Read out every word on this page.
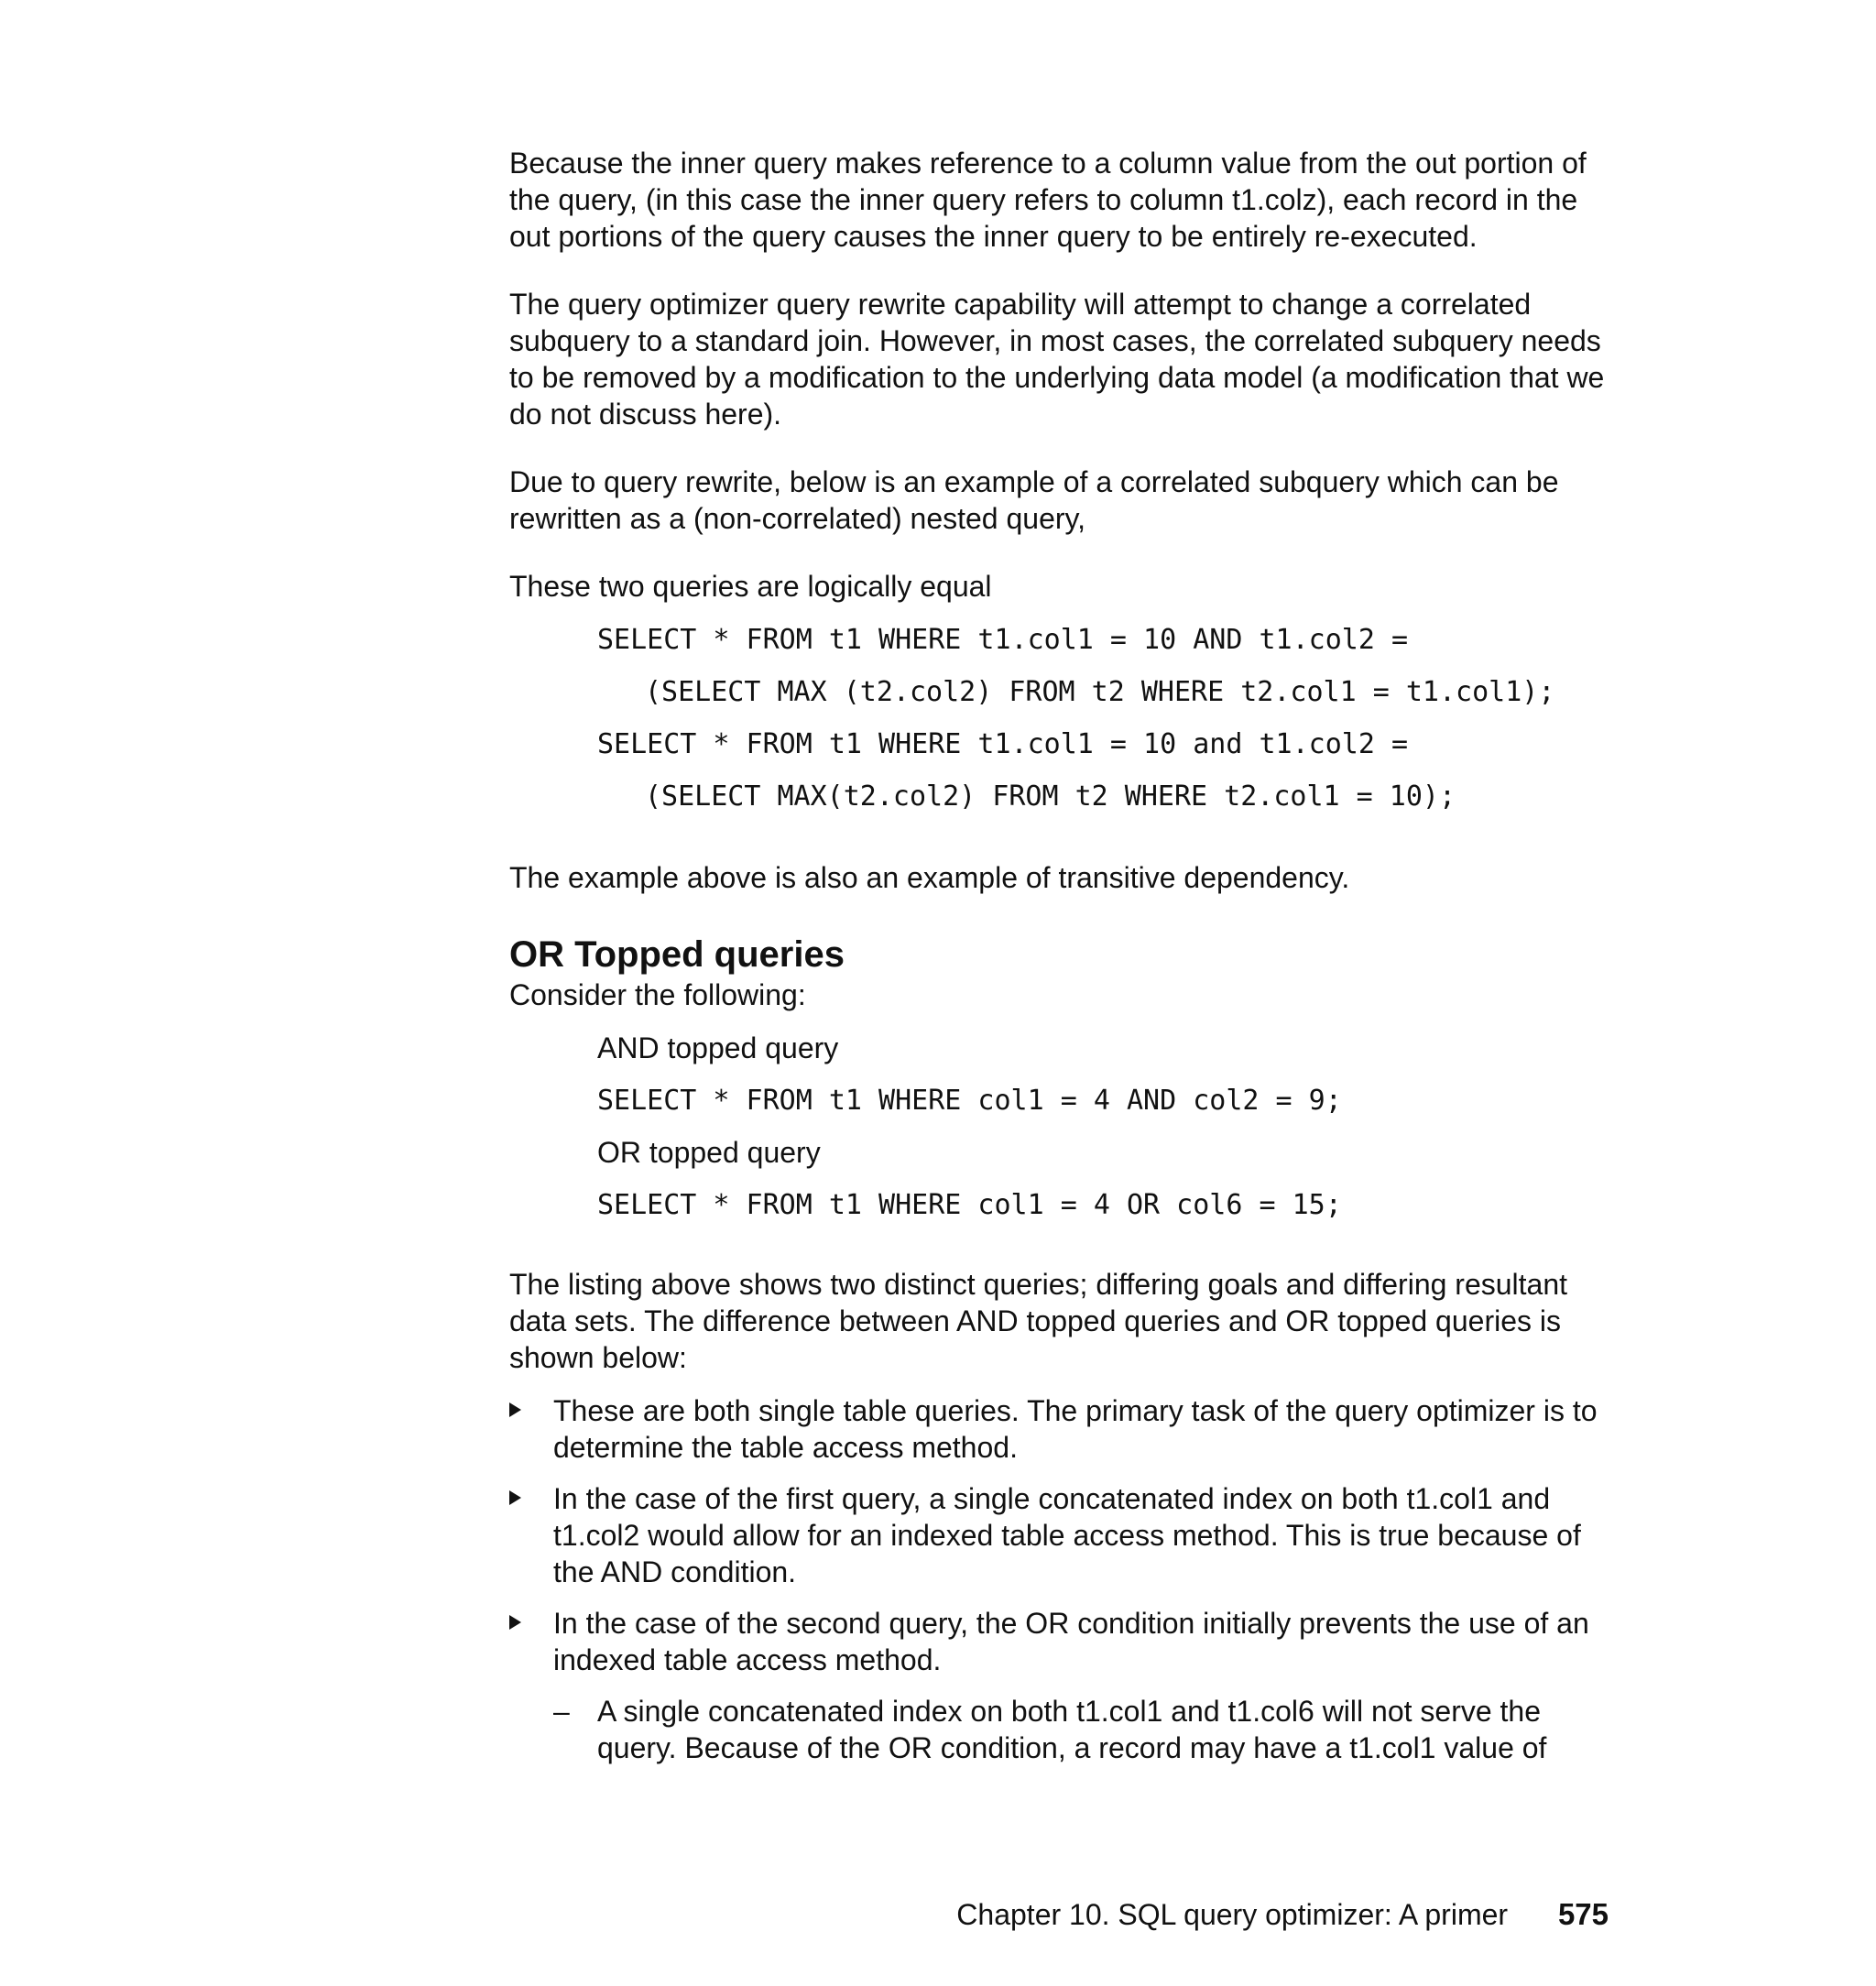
Because the inner query makes reference to a column value from the out portion of the query, (in this case the inner query refers to column t1.colz), each record in the out portions of the query causes the inner query to be entirely re-executed.

The query optimizer query rewrite capability will attempt to change a correlated subquery to a standard join. However, in most cases, the correlated subquery needs to be removed by a modification to the underlying data model (a modification that we do not discuss here).

Due to query rewrite, below is an example of a correlated subquery which can be rewritten as a (non-correlated) nested query,

These two queries are logically equal

SELECT * FROM t1 WHERE t1.col1 = 10 AND t1.col2 =
(SELECT MAX (t2.col2) FROM t2 WHERE t2.col1 = t1.col1);
SELECT * FROM t1 WHERE t1.col1 = 10 and t1.col2 =
(SELECT MAX(t2.col2) FROM t2 WHERE t2.col1 = 10);

The example above is also an example of transitive dependency.

OR Topped queries

Consider the following:

AND topped query
SELECT * FROM t1 WHERE col1 = 4 AND col2 = 9;
OR topped query
SELECT * FROM t1 WHERE col1 = 4 OR col6 = 15;

The listing above shows two distinct queries; differing goals and differing resultant data sets. The difference between AND topped queries and OR topped queries is shown below:

These are both single table queries. The primary task of the query optimizer is to determine the table access method.
In the case of the first query, a single concatenated index on both t1.col1 and t1.col2 would allow for an indexed table access method. This is true because of the AND condition.
In the case of the second query, the OR condition initially prevents the use of an indexed table access method.
– A single concatenated index on both t1.col1 and t1.col6 will not serve the query. Because of the OR condition, a record may have a t1.col1 value of
Chapter 10. SQL query optimizer: A primer 575
